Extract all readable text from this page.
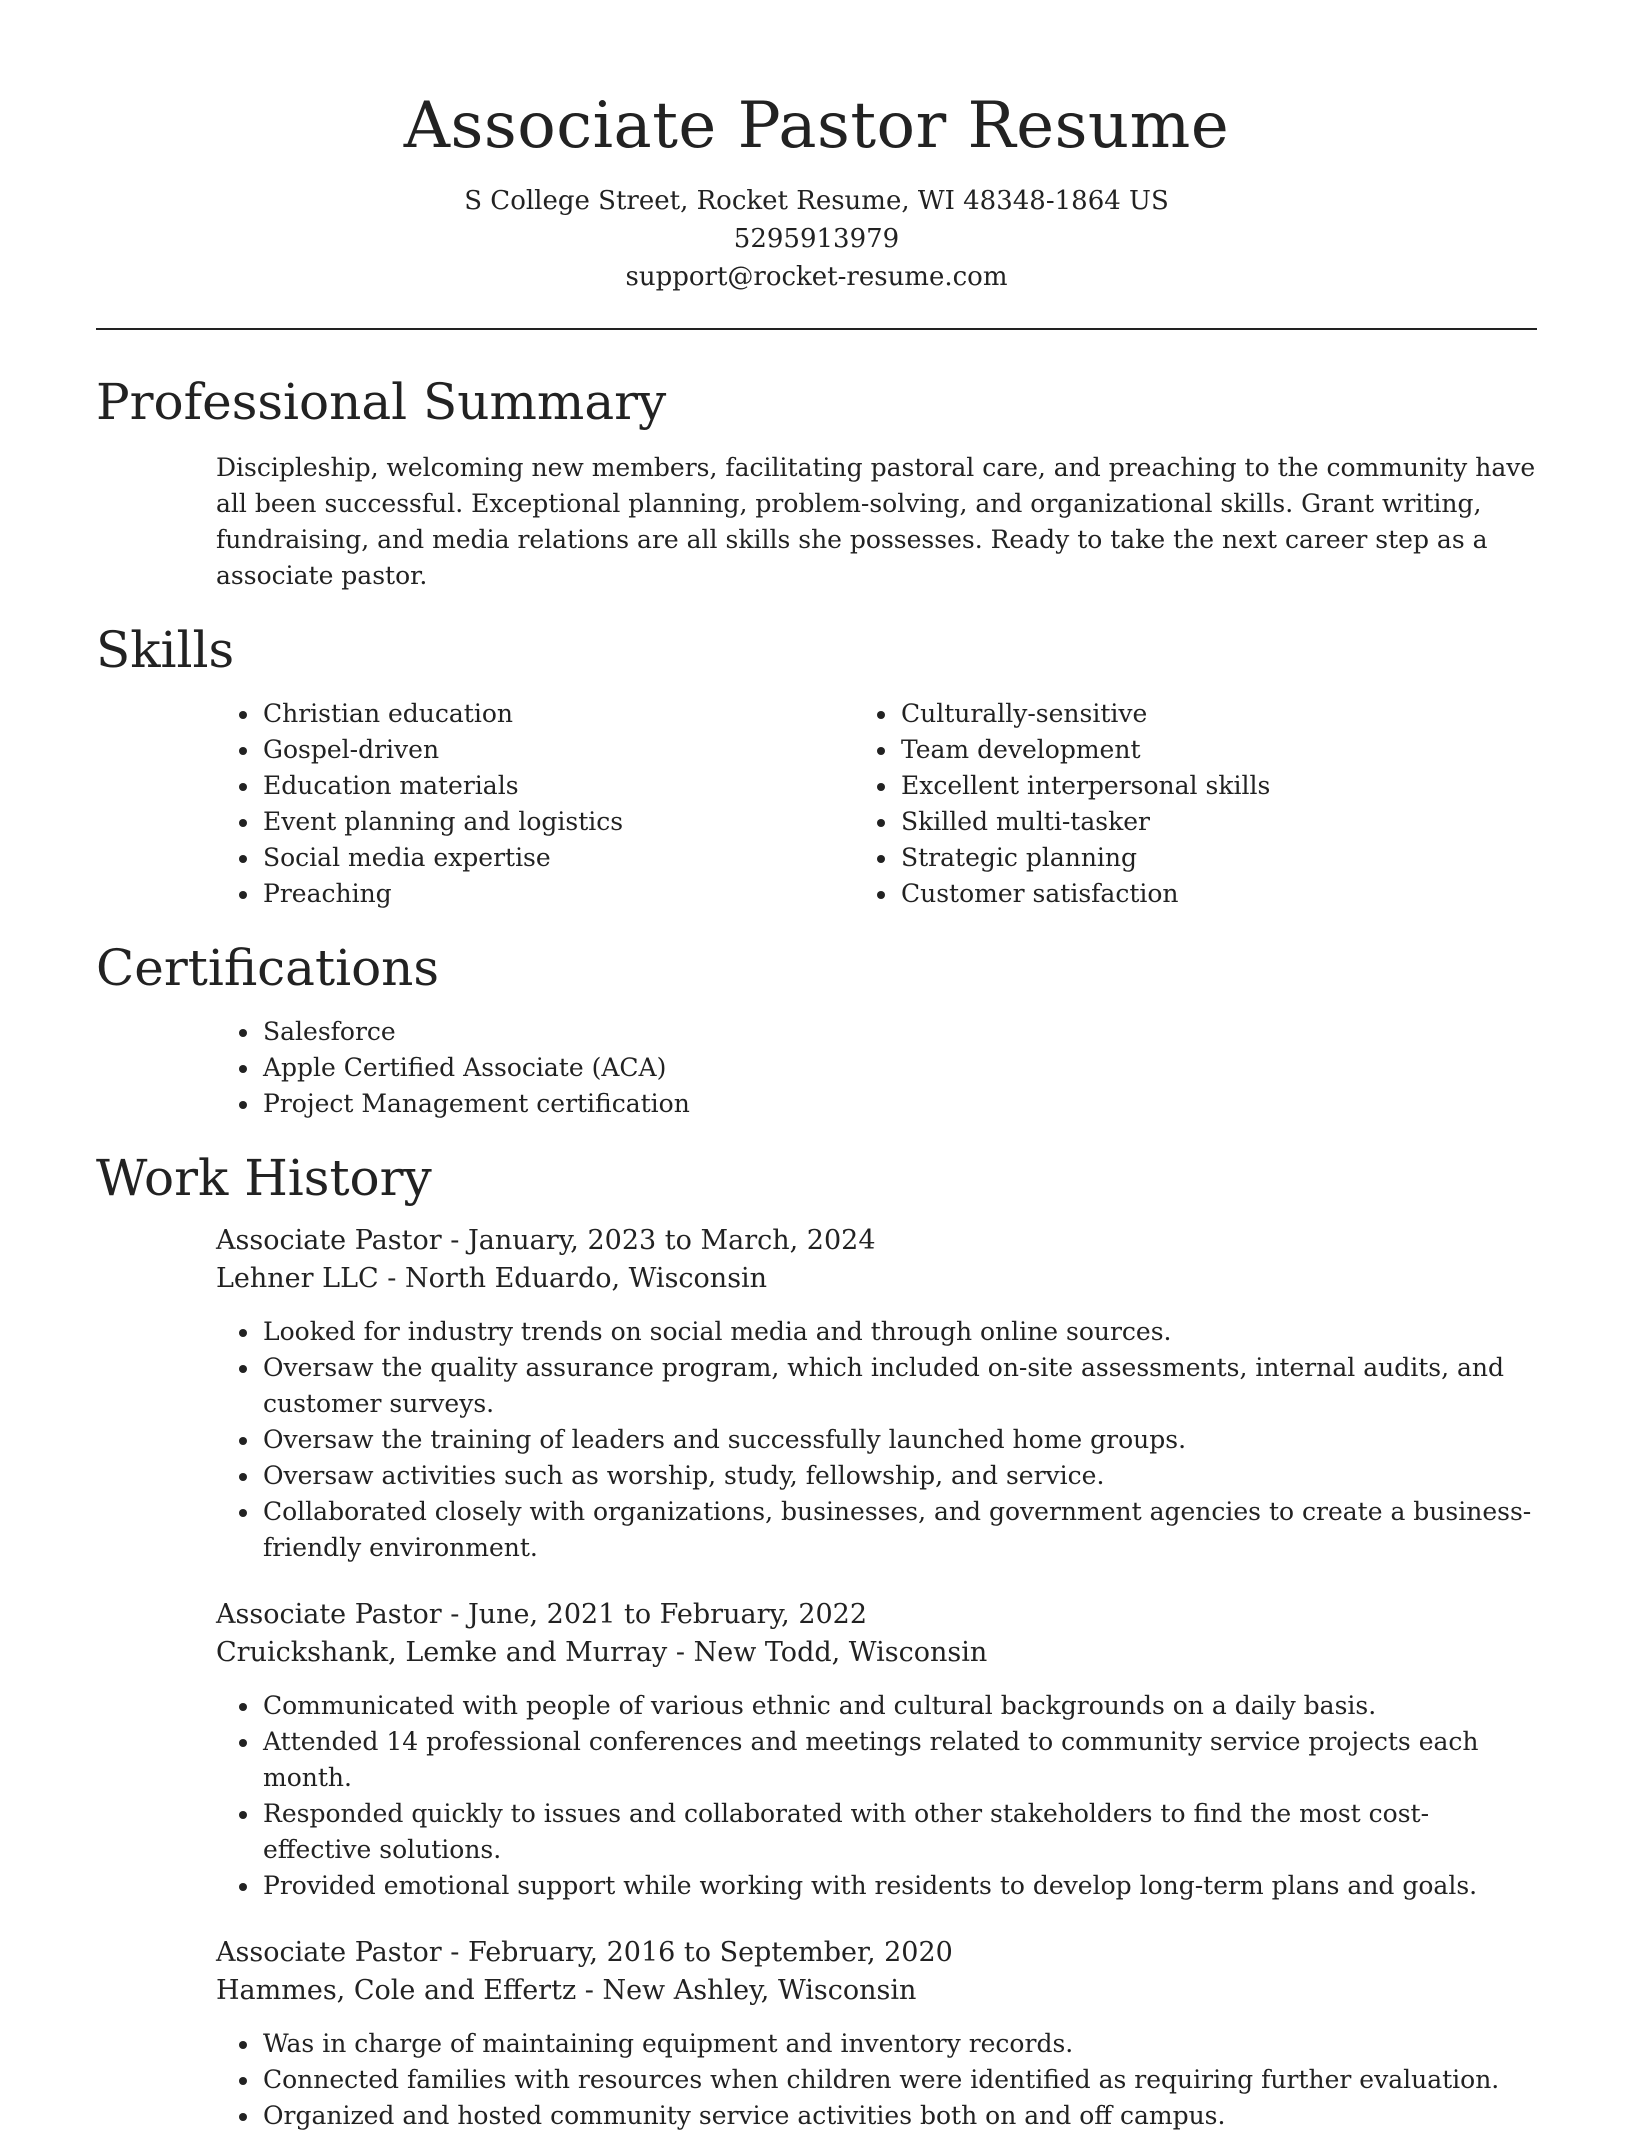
Associate Pastor Resume
S College Street, Rocket Resume, WI 48348-1864 US
5295913979
support@rocket-resume.com
Professional Summary

Discipleship, welcoming new members, facilitating pastoral care, and preaching to the community have all been successful. Exceptional planning, problem-solving, and organizational skills. Grant writing, fundraising, and media relations are all skills she possesses. Ready to take the next career step as a associate pastor.

Skills
• Christian education
• Gospel-driven
• Education materials
• Event planning and logistics
• Social media expertise
• Preaching
• Culturally-sensitive
• Team development
• Excellent interpersonal skills
• Skilled multi-tasker
• Strategic planning
• Customer satisfaction
Certifications
• Salesforce
• Apple Certified Associate (ACA)
• Project Management certification
Work History
Associate Pastor - January, 2023 to March, 2024
Lehner LLC - North Eduardo, Wisconsin
• Looked for industry trends on social media and through online sources.
• Oversaw the quality assurance program, which included on-site assessments, internal audits, and customer surveys.
• Oversaw the training of leaders and successfully launched home groups.
• Oversaw activities such as worship, study, fellowship, and service.
• Collaborated closely with organizations, businesses, and government agencies to create a business-friendly environment.
Associate Pastor - June, 2021 to February, 2022
Cruickshank, Lemke and Murray - New Todd, Wisconsin
• Communicated with people of various ethnic and cultural backgrounds on a daily basis.
• Attended 14 professional conferences and meetings related to community service projects each month.
• Responded quickly to issues and collaborated with other stakeholders to find the most cost-effective solutions.
• Provided emotional support while working with residents to develop long-term plans and goals.
Associate Pastor - February, 2016 to September, 2020
Hammes, Cole and Effertz - New Ashley, Wisconsin
• Was in charge of maintaining equipment and inventory records.
• Connected families with resources when children were identified as requiring further evaluation.
• Organized and hosted community service activities both on and off campus.
